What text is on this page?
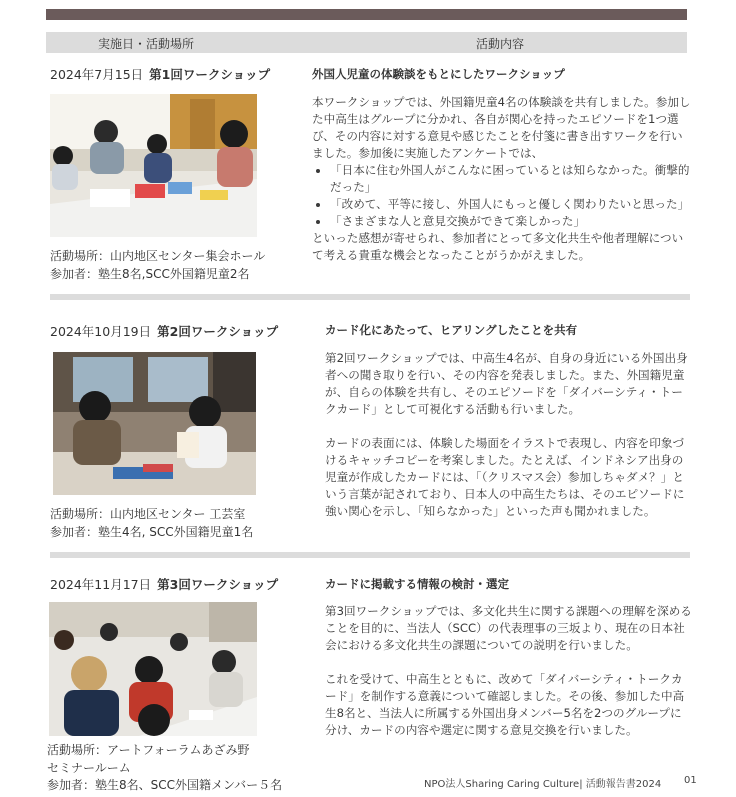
実施日・活動場所	活動内容
2024年7月15日 第1回ワークショップ	外国人児童の体験談をもとにしたワークショップ

本ワークショップでは、外国籍児童4名の体験談を共有しました。参加した中高生はグループに分かれ、各自が関心を持ったエピソードを1つ選び、その内容に対する意見や感じたことを付箋に書き出すワークを行いました。参加後に実施したアンケートでは、

• 「日本に住む外国人がこんなに困っているとは知らなかった。衝撃的だった」
• 「改めて、平等に接し、外国人にもっと優しく関わりたいと思った」
• 「さまざまな人と意見交換ができて楽しかった」

といった感想が寄せられ、参加者にとって多文化共生や他者理解について考える貴重な機会となったことがうかがえました。

活動場所：山内地区センター集会ホール
参加者：塾生8名,SCC外国籍児童2名
2024年10月19日 第2回ワークショップ	カード化にあたって、ヒアリングしたことを共有

第2回ワークショップでは、中高生4名が、自身の身近にいる外国出身者への聞き取りを行い、その内容を発表しました。また、外国籍児童が、自らの体験を共有し、そのエピソードを「ダイバーシティ・トークカード」として可視化する活動も行いました。

カードの表面には、体験した場面をイラストで表現し、内容を印象づけるキャッチコピーを考案しました。たとえば、インドネシア出身の児童が作成したカードには、「（クリスマス会）参加しちゃダメ？」という言葉が記されており、日本人の中高生たちは、そのエピソードに強い関心を示し、「知らなかった」といった声も聞かれました。

活動場所：山内地区センター 工芸室
参加者：塾生4名, SCC外国籍児童1名
2024年11月17日 第3回ワークショップ	カードに掲載する情報の検討・選定

第3回ワークショップでは、多文化共生に関する課題への理解を深めることを目的に、当法人（SCC）の代表理事の三坂より、現在の日本社会における多文化共生の課題についての説明を行いました。

これを受けて、中高生とともに、改めて「ダイバーシティ・トークカード」を制作する意義について確認しました。その後、参加した中高生8名と、当法人に所属する外国出身メンバー5名を2つのグループに分け、カードの内容や選定に関する意見交換を行いました。

活動場所：アートフォーラムあざみ野
セミナールーム
参加者：塾生8名、SCC外国籍メンバー５名	NPO法人Sharing Caring Culture| 活動報告書2024 01
